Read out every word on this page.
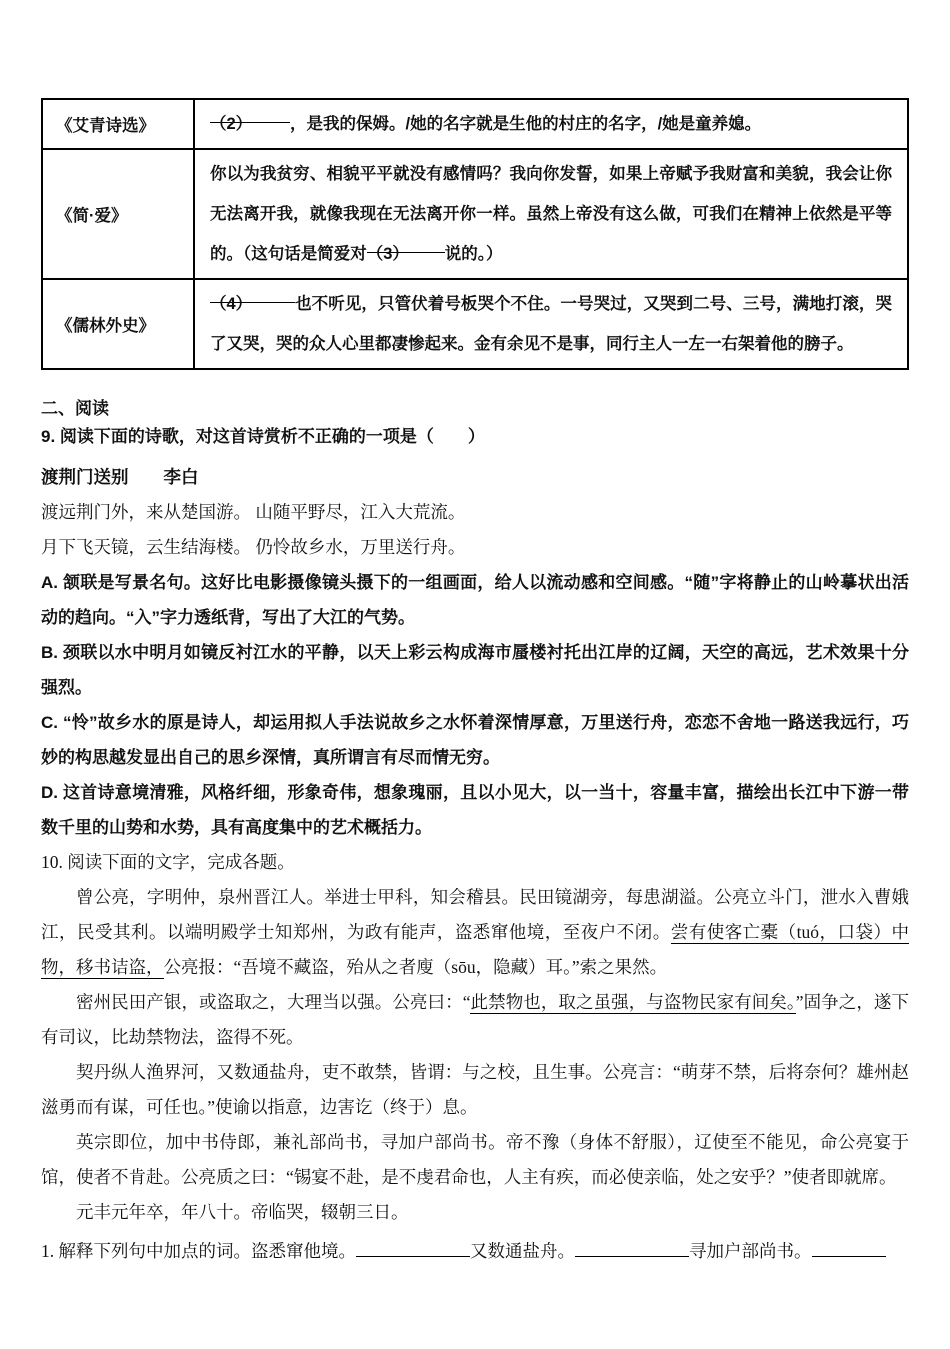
《艾青诗选》	（2） ，是我的保姆。/她的名字就是生他的村庄的名字，/她是童养媳。
《简·爱》	你以为我贫穷、相貌平平就没有感情吗？我向你发誓，如果上帝赋予我财富和美貌，我会让你无法离开我，就像我现在无法离开你一样。虽然上帝没有这么做，可我们在精神上依然是平等的。（这句话是简爱对（3） 说的。）
《儒林外史》	（4） 也不听见，只管伏着号板哭个不住。一号哭过，又哭到二号、三号，满地打滚，哭了又哭，哭的众人心里都凄惨起来。金有余见不是事，同行主人一左一右架着他的膀子。
二、阅读
9. 阅读下面的诗歌，对这首诗赏析不正确的一项是（　　）
渡荆门送别　　李白
渡远荆门外，来从楚国游。 山随平野尽，江入大荒流。
月下飞天镜，云生结海楼。 仍怜故乡水，万里送行舟。
A. 颔联是写景名句。这好比电影摄像镜头摄下的一组画面，给人以流动感和空间感。“随”字将静止的山岭摹状出活动的趋向。“入”字力透纸背，写出了大江的气势。
B. 颈联以水中明月如镜反衬江水的平静，以天上彩云构成海市蜃楼衬托出江岸的辽阔，天空的高远，艺术效果十分强烈。
C. “怜”故乡水的原是诗人，却运用拟人手法说故乡之水怀着深情厚意，万里送行舟，恋恋不舍地一路送我远行，巧妙的构思越发显出自己的思乡深情，真所谓言有尽而情无穷。
D. 这首诗意境清雅，风格纤细，形象奇伟，想象瑰丽，且以小见大，以一当十，容量丰富，描绘出长江中下游一带数千里的山势和水势，具有高度集中的艺术概括力。
10. 阅读下面的文字，完成各题。
曾公亮，字明仲，泉州晋江人。举进士甲科，知会稽县。民田镜湖旁，每患湖溢。公亮立斗门，泄水入曹娥江，民受其利。以端明殿学士知郑州，为政有能声，盗悉窜他境，至夜户不闭。尝有使客亡橐（tuó，口袋）中物，移书诘盗，公亮报：“吾境不藏盗，殆从之者廋（sōu，隐藏）耳。”索之果然。
密州民田产银，或盗取之，大理当以强。公亮曰：“此禁物也，取之虽强，与盗物民家有间矣。”固争之，遂下有司议，比劫禁物法，盗得不死。
契丹纵人渔界河，又数通盐舟，吏不敢禁，皆谓：与之校，且生事。公亮言：“萌芽不禁，后将奈何？雄州赵滋勇而有谋，可任也。”使谕以指意，边害讫（终于）息。
英宗即位，加中书侍郎，兼礼部尚书，寻加户部尚书。帝不豫（身体不舒服），辽使至不能见，命公亮宴于馆，使者不肯赴。公亮质之曰：“锡宴不赴，是不虔君命也，人主有疾，而必使亲临，处之安乎？”使者即就席。
元丰元年卒，年八十。帝临哭，辍朝三日。
1. 解释下列句中加点的词。盗悉窜他境。	又数通盐舟。	寻加户部尚书。
